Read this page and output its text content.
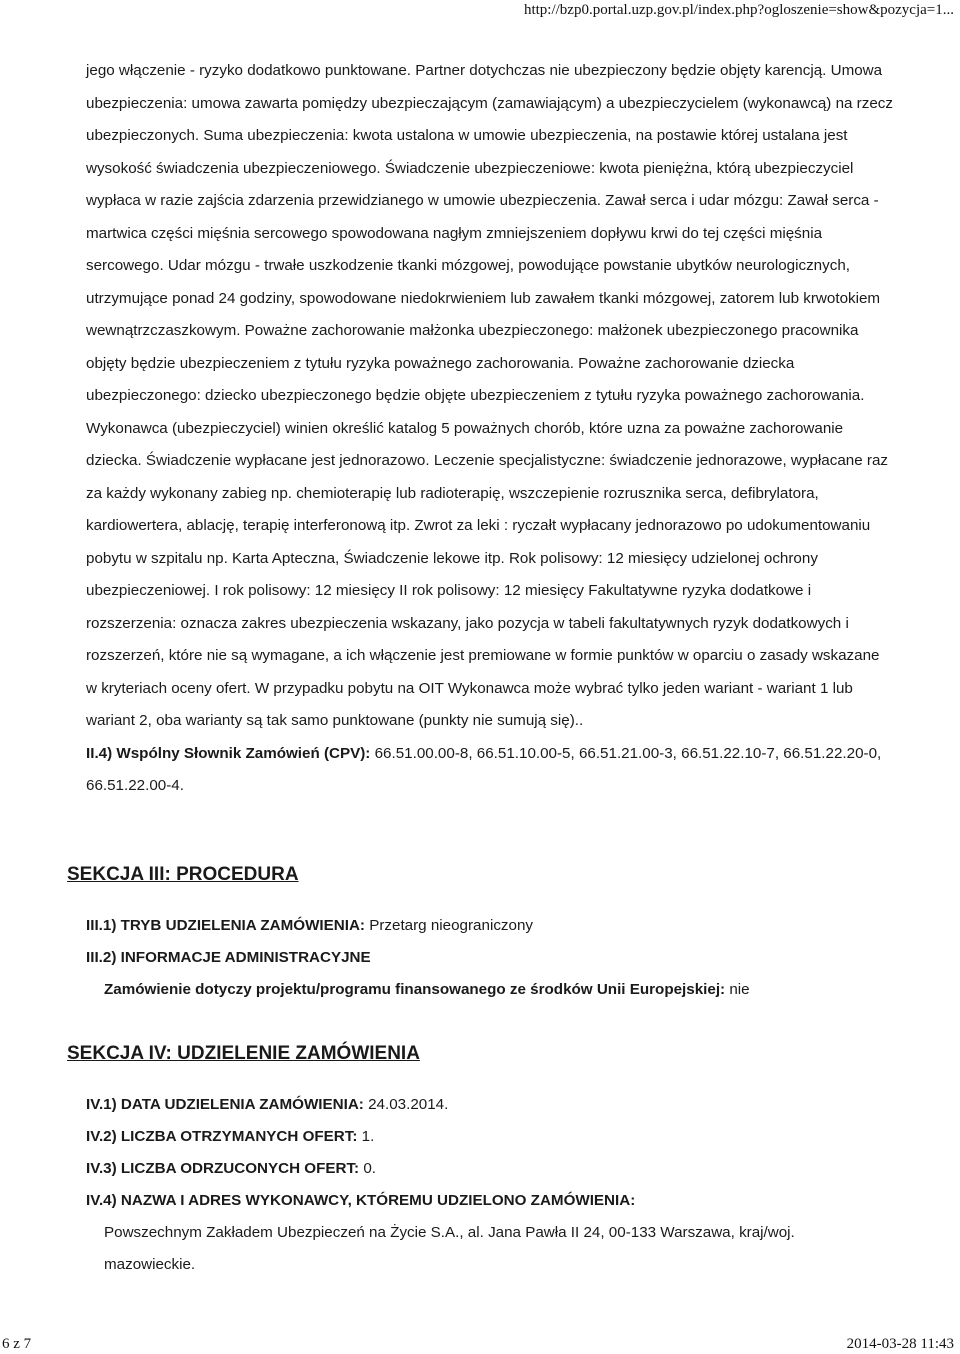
http://bzp0.portal.uzp.gov.pl/index.php?ogloszenie=show&pozycja=1...

jego włączenie - ryzyko dodatkowo punktowane. Partner dotychczas nie ubezpieczony będzie objęty karencją. Umowa ubezpieczenia: umowa zawarta pomiędzy ubezpieczającym (zamawiającym) a ubezpieczycielem (wykonawcą) na rzecz ubezpieczonych. Suma ubezpieczenia: kwota ustalona w umowie ubezpieczenia, na postawie której ustalana jest wysokość świadczenia ubezpieczeniowego. Świadczenie ubezpieczeniowe: kwota pieniężna, którą ubezpieczyciel wypłaca w razie zajścia zdarzenia przewidzianego w umowie ubezpieczenia. Zawał serca i udar mózgu: Zawał serca -martwica części mięśnia sercowego spowodowana nagłym zmniejszeniem dopływu krwi do tej części mięśnia sercowego. Udar mózgu - trwałe uszkodzenie tkanki mózgowej, powodujące powstanie ubytków neurologicznych, utrzymujące ponad 24 godziny, spowodowane niedokrwieniem lub zawałem tkanki mózgowej, zatorem lub krwotokiem wewnątrzczaszkowym. Poważne zachorowanie małżonka ubezpieczonego: małżonek ubezpieczonego pracownika objęty będzie ubezpieczeniem z tytułu ryzyka poważnego zachorowania. Poważne zachorowanie dziecka ubezpieczonego: dziecko ubezpieczonego będzie objęte ubezpieczeniem z tytułu ryzyka poważnego zachorowania. Wykonawca (ubezpieczyciel) winien określić katalog 5 poważnych chorób, które uzna za poważne zachorowanie dziecka. Świadczenie wypłacane jest jednorazowo. Leczenie specjalistyczne: świadczenie jednorazowe, wypłacane raz za każdy wykonany zabieg np. chemioterapię lub radioterapię, wszczepienie rozrusznika serca, defibrylatora, kardiowertera, ablację, terapię interferonową itp. Zwrot za leki : ryczałt wypłacany jednorazowo po udokumentowaniu pobytu w szpitalu np. Karta Apteczna, Świadczenie lekowe itp. Rok polisowy: 12 miesięcy udzielonej ochrony ubezpieczeniowej. I rok polisowy: 12 miesięcy II rok polisowy: 12 miesięcy Fakultatywne ryzyka dodatkowe i rozszerzenia: oznacza zakres ubezpieczenia wskazany, jako pozycja w tabeli fakultatywnych ryzyk dodatkowych i rozszerzeń, które nie są wymagane, a ich włączenie jest premiowane w formie punktów w oparciu o zasady wskazane w kryteriach oceny ofert. W przypadku pobytu na OIT Wykonawca może wybrać tylko jeden wariant - wariant 1 lub wariant 2, oba warianty są tak samo punktowane (punkty nie sumują się)..

II.4) Wspólny Słownik Zamówień (CPV): 66.51.00.00-8, 66.51.10.00-5, 66.51.21.00-3, 66.51.22.10-7, 66.51.22.20-0, 66.51.22.00-4.

SEKCJA III: PROCEDURA

III.1) TRYB UDZIELENIA ZAMÓWIENIA: Przetarg nieograniczony

III.2) INFORMACJE ADMINISTRACYJNE

Zamówienie dotyczy projektu/programu finansowanego ze środków Unii Europejskiej: nie

SEKCJA IV: UDZIELENIE ZAMÓWIENIA

IV.1) DATA UDZIELENIA ZAMÓWIENIA: 24.03.2014.

IV.2) LICZBA OTRZYMANYCH OFERT: 1.

IV.3) LICZBA ODRZUCONYCH OFERT: 0.

IV.4) NAZWA I ADRES WYKONAWCY, KTÓREMU UDZIELONO ZAMÓWIENIA:

Powszechnym Zakładem Ubezpieczeń na Życie S.A., al. Jana Pawła II 24, 00-133 Warszawa, kraj/woj. mazowieckie.

6 z 7	2014-03-28 11:43
